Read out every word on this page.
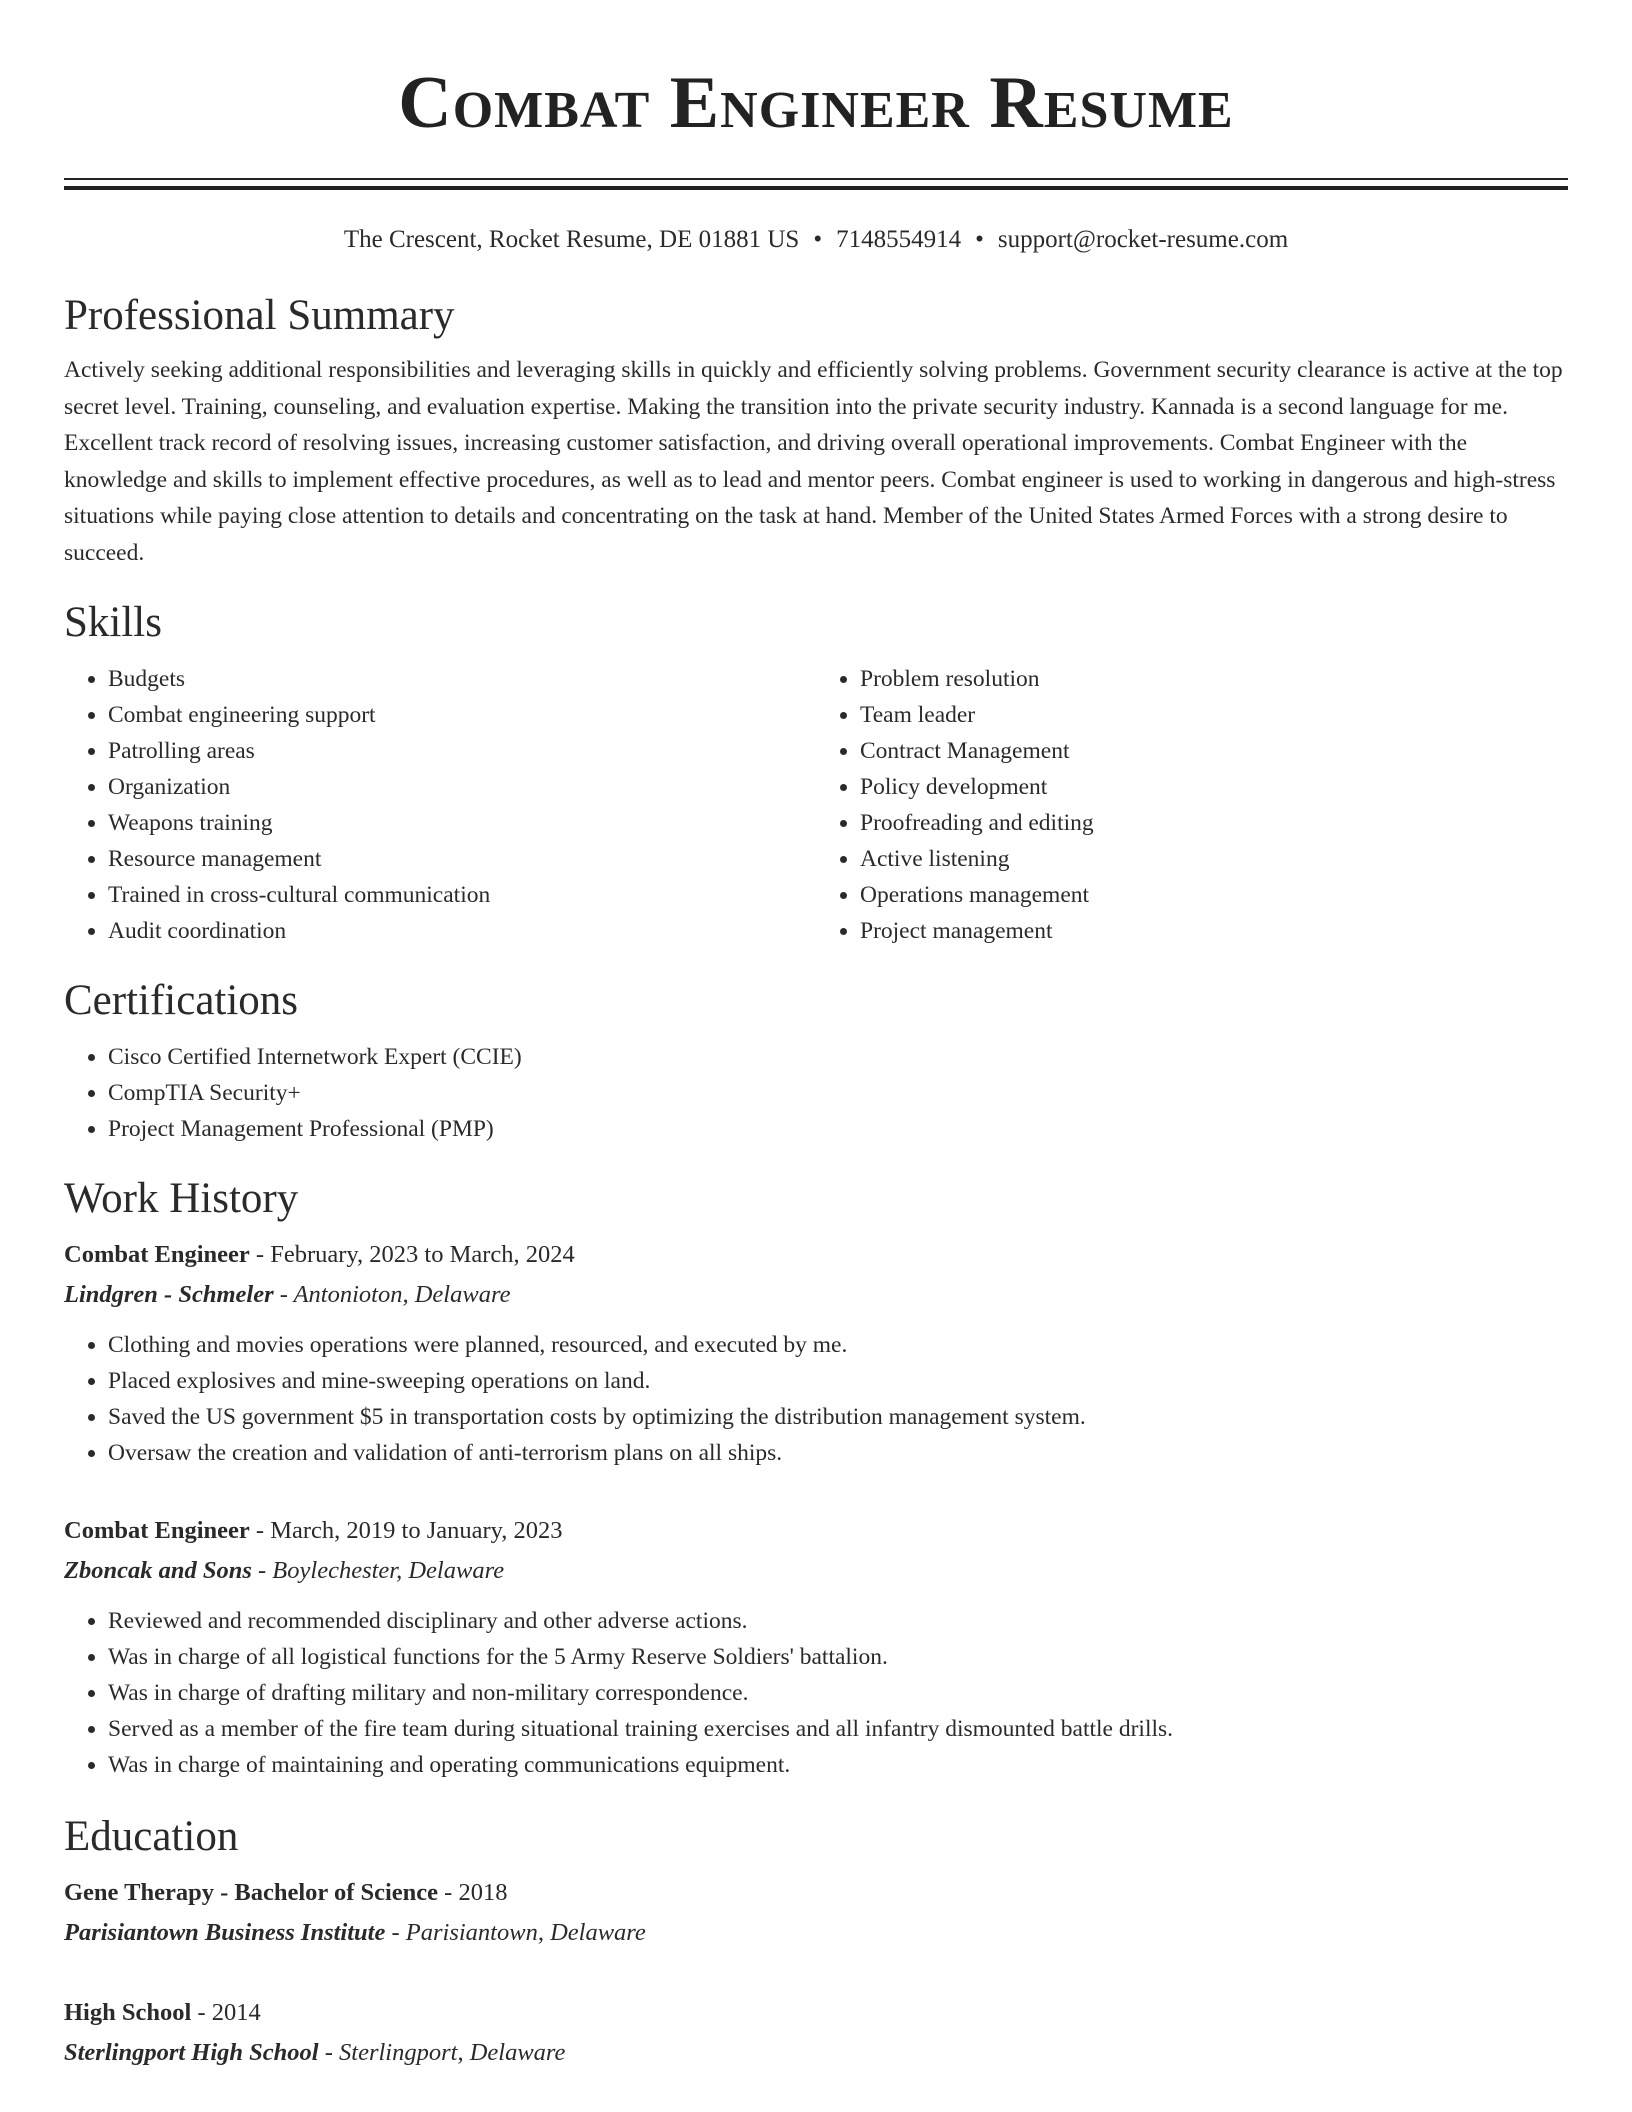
Combat Engineer Resume
The Crescent, Rocket Resume, DE 01881 US • 7148554914 • support@rocket-resume.com
Professional Summary

Actively seeking additional responsibilities and leveraging skills in quickly and efficiently solving problems. Government security clearance is active at the top secret level. Training, counseling, and evaluation expertise. Making the transition into the private security industry. Kannada is a second language for me. Excellent track record of resolving issues, increasing customer satisfaction, and driving overall operational improvements. Combat Engineer with the knowledge and skills to implement effective procedures, as well as to lead and mentor peers. Combat engineer is used to working in dangerous and high-stress situations while paying close attention to details and concentrating on the task at hand. Member of the United States Armed Forces with a strong desire to succeed.

Skills
• Budgets
• Combat engineering support
• Patrolling areas
• Organization
• Weapons training
• Resource management
• Trained in cross-cultural communication
• Audit coordination
• Problem resolution
• Team leader
• Contract Management
• Policy development
• Proofreading and editing
• Active listening
• Operations management
• Project management
Certifications
• Cisco Certified Internetwork Expert (CCIE)
• CompTIA Security+
• Project Management Professional (PMP)
Work History
Combat Engineer - February, 2023 to March, 2024
Lindgren - Schmeler - Antonioton, Delaware
• Clothing and movies operations were planned, resourced, and executed by me.
• Placed explosives and mine-sweeping operations on land.
• Saved the US government $5 in transportation costs by optimizing the distribution management system.
• Oversaw the creation and validation of anti-terrorism plans on all ships.
Combat Engineer - March, 2019 to January, 2023
Zboncak and Sons - Boylechester, Delaware
• Reviewed and recommended disciplinary and other adverse actions.
• Was in charge of all logistical functions for the 5 Army Reserve Soldiers' battalion.
• Was in charge of drafting military and non-military correspondence.
• Served as a member of the fire team during situational training exercises and all infantry dismounted battle drills.
• Was in charge of maintaining and operating communications equipment.
Education
Gene Therapy - Bachelor of Science - 2018
Parisiantown Business Institute - Parisiantown, Delaware
High School - 2014
Sterlingport High School - Sterlingport, Delaware
